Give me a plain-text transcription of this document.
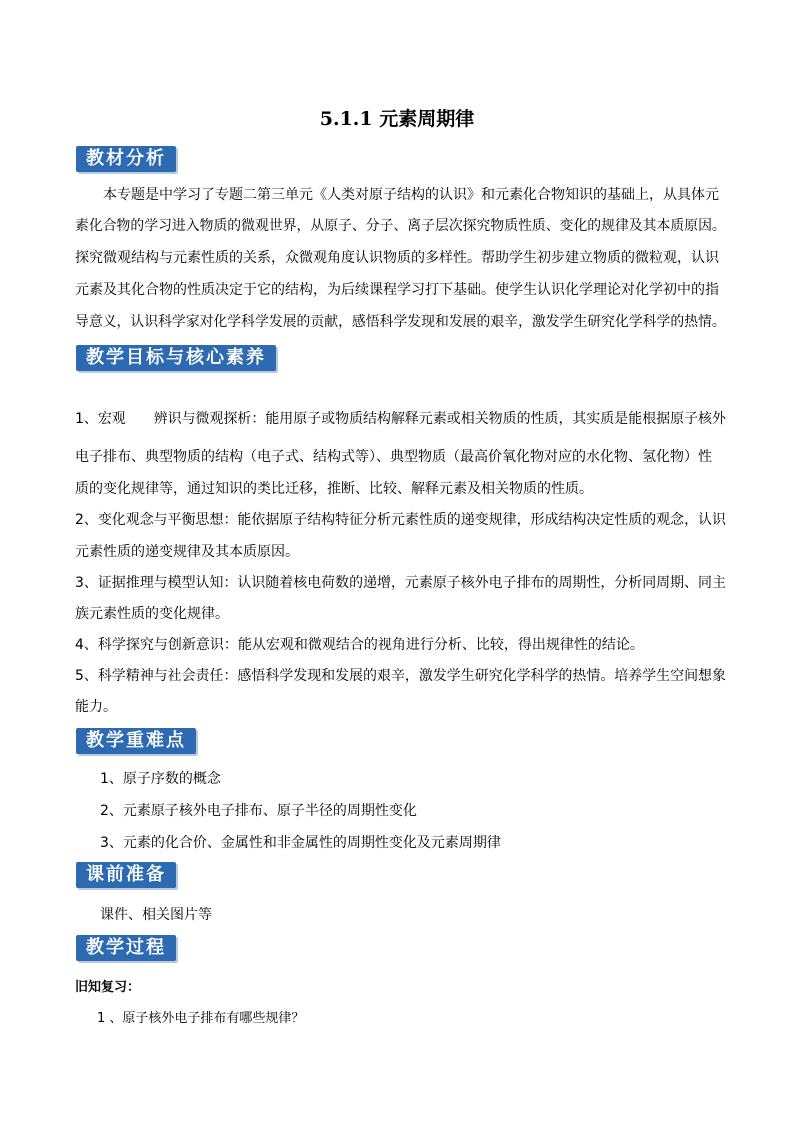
5.1.1 元素周期律
教材分析
本专题是中学习了专题二第三单元《人类对原子结构的认识》和元素化合物知识的基础上，从具体元
素化合物的学习进入物质的微观世界，从原子、分子、离子层次探究物质性质、变化的规律及其本质原因。
探究微观结构与元素性质的关系，众微观角度认识物质的多样性。帮助学生初步建立物质的微粒观，认识
元素及其化合物的性质决定于它的结构，为后续课程学习打下基础。使学生认识化学理论对化学初中的指
导意义，认识科学家对化学科学发展的贡献，感悟科学发现和发展的艰辛，激发学生研究化学科学的热情。
教学目标与核心素养
1、宏观　　辨识与微观探析：能用原子或物质结构解释元素或相关物质的性质，其实质是能根据原子核外
电子排布、典型物质的结构（电子式、结构式等）、典型物质（最高价氧化物对应的水化物、氢化物）性
质的变化规律等，通过知识的类比迁移，推断、比较、解释元素及相关物质的性质。
2、变化观念与平衡思想：能依据原子结构特征分析元素性质的递变规律，形成结构决定性质的观念，认识
元素性质的递变规律及其本质原因。
3、证据推理与模型认知：认识随着核电荷数的递增，元素原子核外电子排布的周期性，分析同周期、同主
族元素性质的变化规律。
4、科学探究与创新意识：能从宏观和微观结合的视角进行分析、比较，得出规律性的结论。
5、科学精神与社会责任：感悟科学发现和发展的艰辛，激发学生研究化学科学的热情。培养学生空间想象
能力。
教学重难点
1、原子序数的概念
2、元素原子核外电子排布、原子半径的周期性变化
3、元素的化合价、金属性和非金属性的周期性变化及元素周期律
课前准备
课件、相关图片等
教学过程
旧知复习：
1 、原子核外电子排布有哪些规律？
